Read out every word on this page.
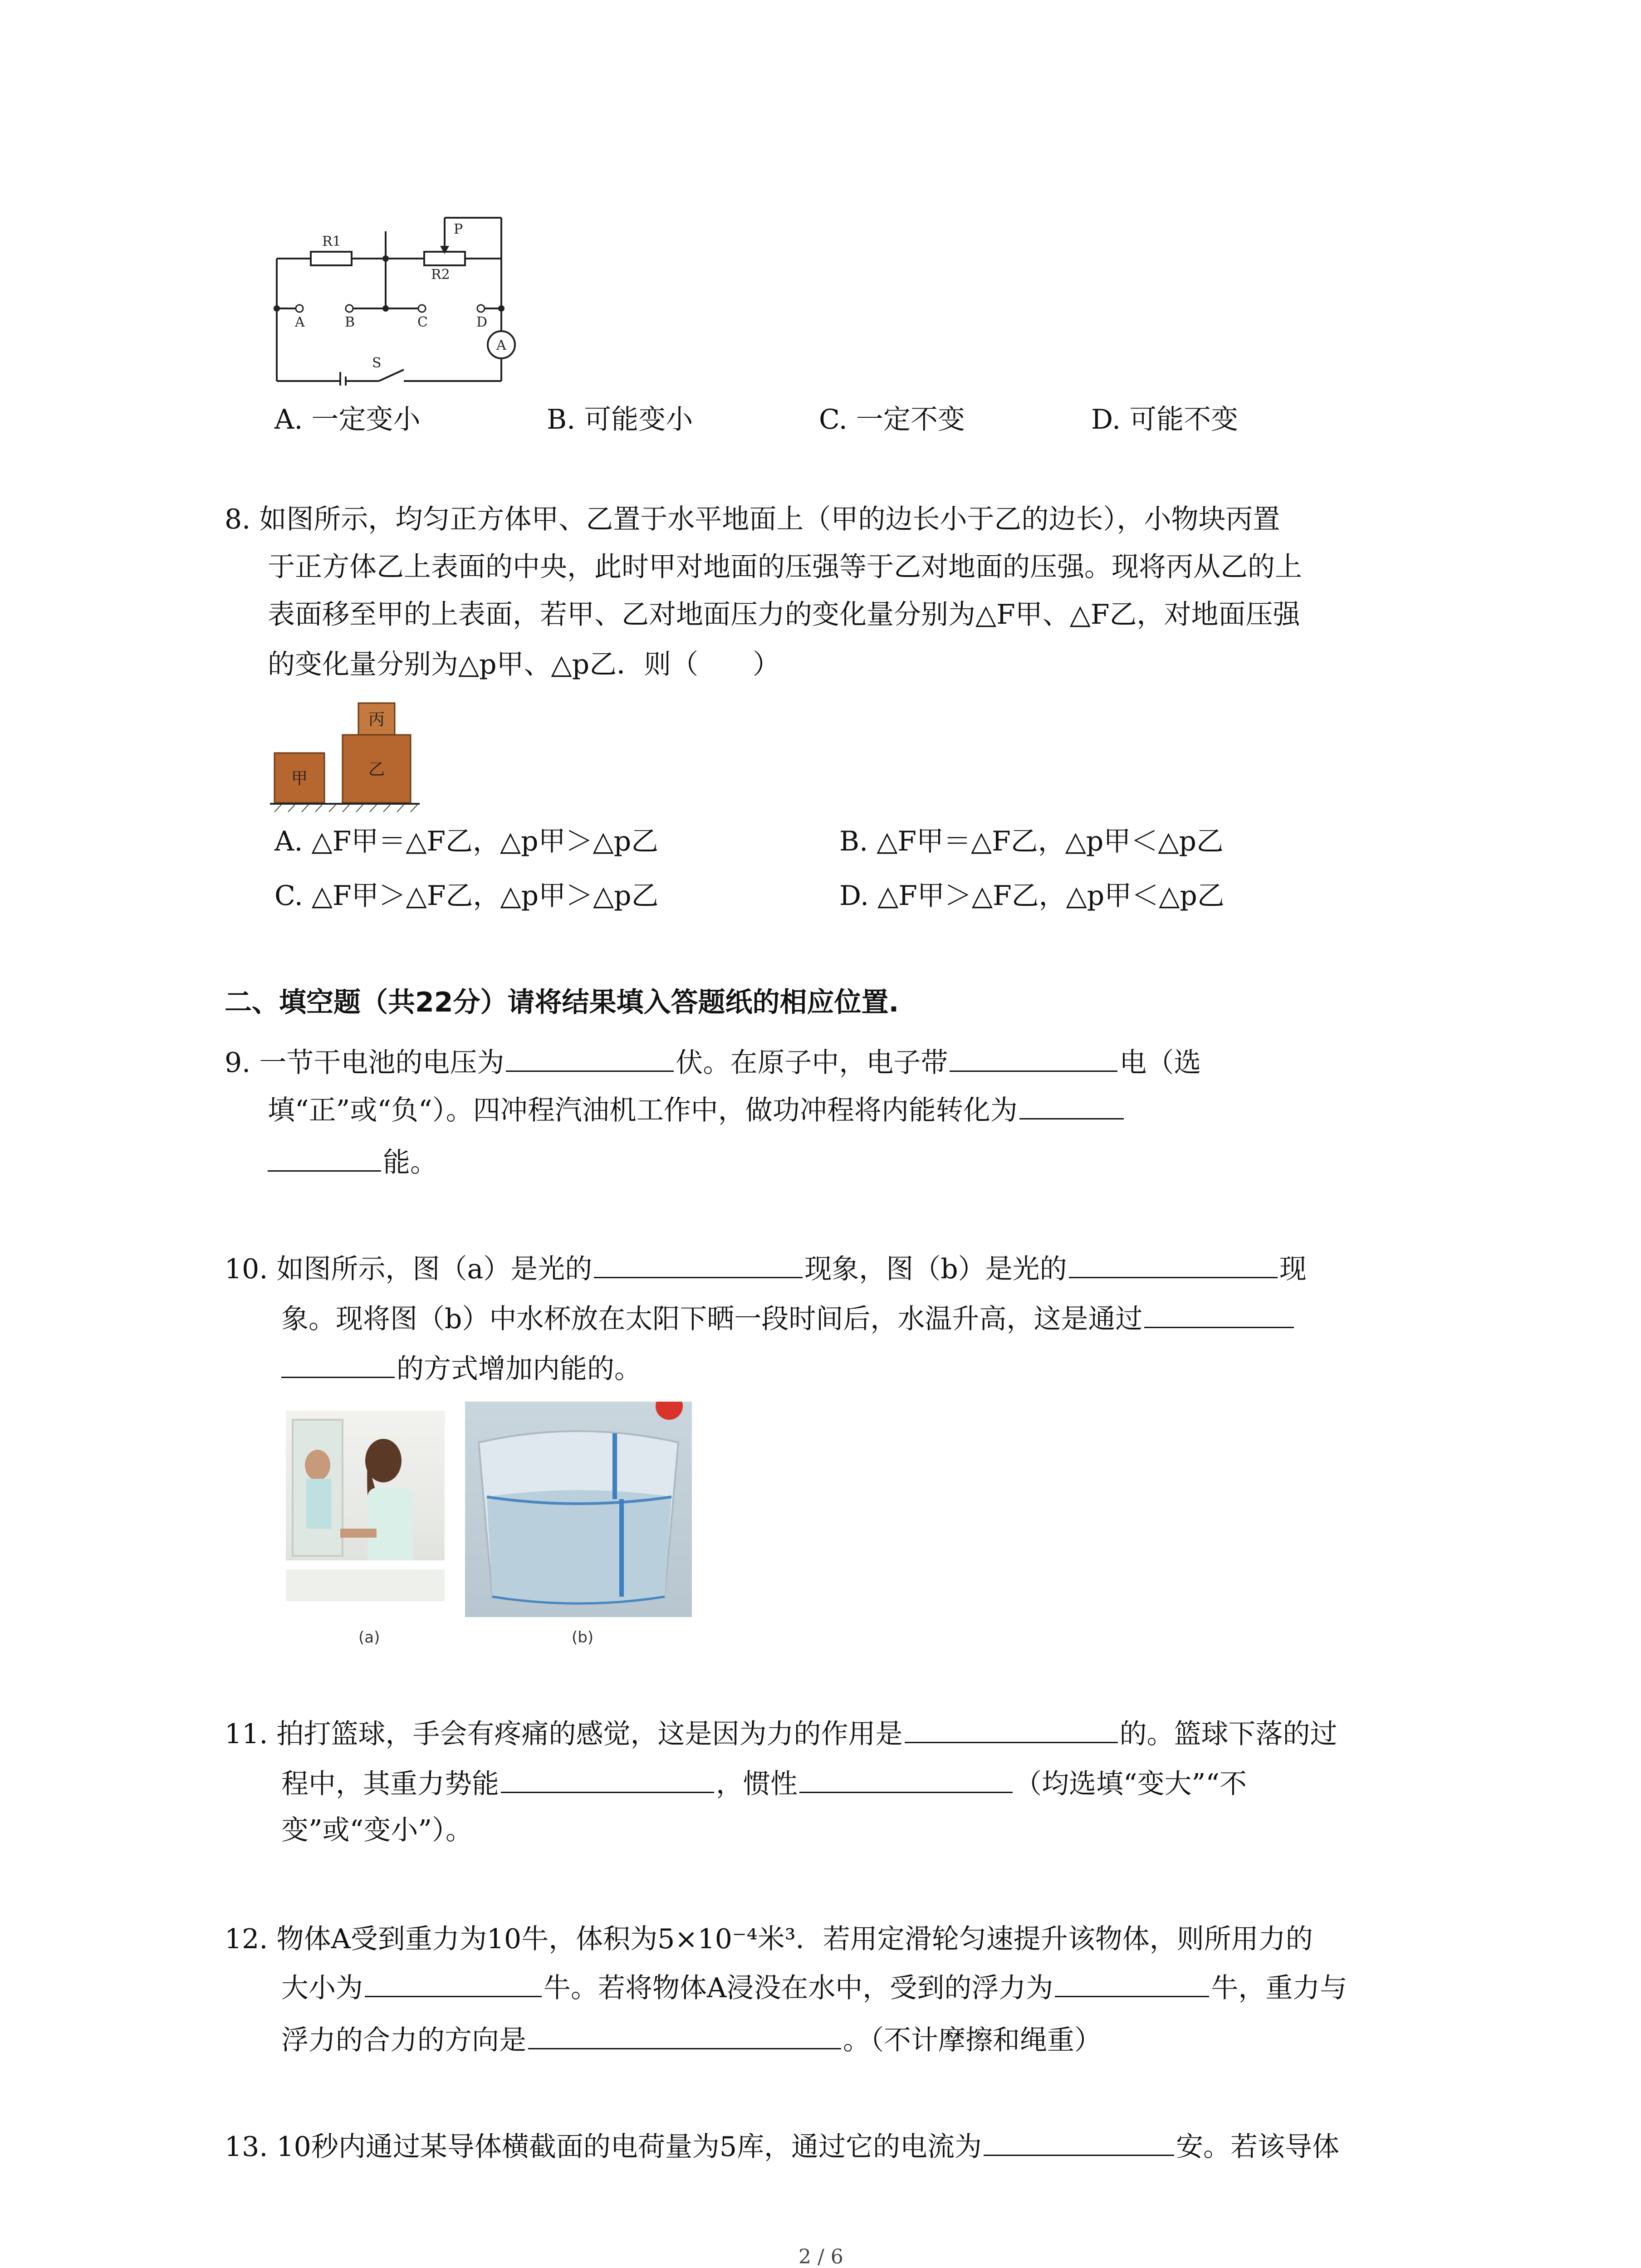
R1
R2
P
A	B	C	D
S
A
A. 一定变小	B. 可能变小	C. 一定不变	D. 可能不变
8. 如图所示，均匀正方体甲、乙置于水平地面上（甲的边长小于乙的边长），小物块丙置
于正方体乙上表面的中央，此时甲对地面的压强等于乙对地面的压强。现将丙从乙的上
表面移至甲的上表面，若甲、乙对地面压力的变化量分别为△F甲、△F乙，对地面压强
的变化量分别为△p甲、△p乙．则（　　）
甲	乙
丙
A. △F甲＝△F乙，△p甲＞△p乙	B. △F甲＝△F乙，△p甲＜△p乙
C. △F甲＞△F乙，△p甲＞△p乙	D. △F甲＞△F乙，△p甲＜△p乙
二、填空题（共22分）请将结果填入答题纸的相应位置.
9. 一节干电池的电压为	伏。在原子中，电子带	电（选
填“正”或“负“）。四冲程汽油机工作中，做功冲程将内能转化为
能。
10. 如图所示，图（a）是光的	现象，图（b）是光的	现
象。现将图（b）中水杯放在太阳下晒一段时间后，水温升高，这是通过
的方式增加内能的。
(a)	(b)
11. 拍打篮球，手会有疼痛的感觉，这是因为力的作用是	的。篮球下落的过
程中，其重力势能	，惯性	（均选填“变大”“不
变”或“变小”）。
12. 物体A受到重力为10牛，体积为5×10⁻⁴米³．若用定滑轮匀速提升该物体，则所用力的
大小为	牛。若将物体A浸没在水中，受到的浮力为	牛，重力与
浮力的合力的方向是	。（不计摩擦和绳重）
13. 10秒内通过某导体横截面的电荷量为5库，通过它的电流为	安。若该导体
2 / 6
